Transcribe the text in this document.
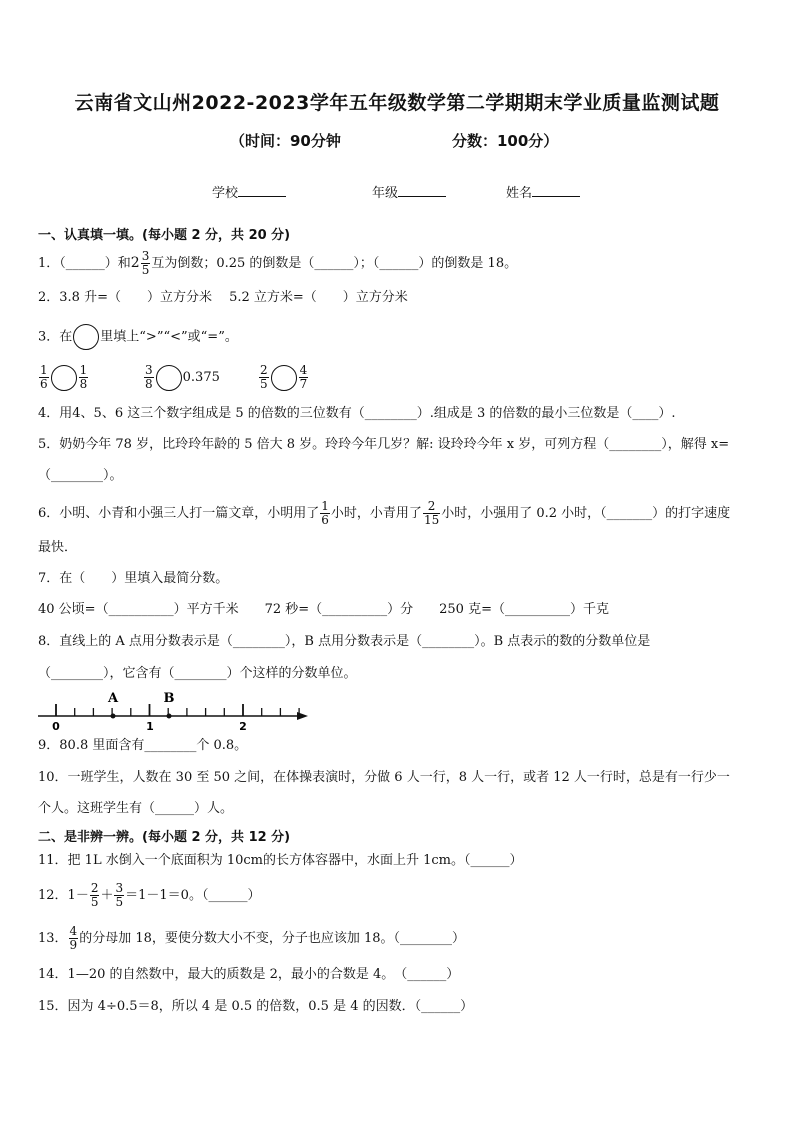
云南省文山州2022-2023学年五年级数学第二学期期末学业质量监测试题
（时间：90分钟	分数：100分）
学校	年级	姓名
一、认真填一填。(每小题 2 分，共 20 分)
1．（______）和$2 \frac{3}{5}$ 互为倒数；0.25 的倒数是（______）；（______）的倒数是 18。
2．3.8 升=（　　）立方分米　 5.2 立方米=（　　）立方分米
3．在 里填上“>”“<”或“=”。
$\frac{1}{6}$	$\frac{1}{8}$	$\frac{3}{8} 0.375$	$\frac{2}{5}$	$\frac{4}{7}$
4．用4、5、6 这三个数字组成是 5 的倍数的三位数有（________）.组成是 3 的倍数的最小三位数是（____）.
5．奶奶今年 78 岁，比玲玲年龄的 5 倍大 8 岁。玲玲今年几岁？解: 设玲玲今年 x 岁，可列方程（________），解得 x=
（________）。
6．小明、小青和小强三人打一篇文章，小明用了 $\frac{1}{6}$ 小时，小青用了 $\frac{2}{15}$ 小时，小强用了 0.2 小时，（_______）的打字速度
最快．
7．在（　　）里填入最简分数。
40 公顷=（__________）平方千米　　72 秒=（__________）分　　250 克=（__________）千克
8．直线上的 A 点用分数表示是（________），B 点用分数表示是（________）。B 点表示的数的分数单位是
（________），它含有（________）个这样的分数单位。
A	B
0	1	2
9．80.8 里面含有________个 0.8。
10．一班学生，人数在 30 至 50 之间，在体操表演时，分做 6 人一行，8 人一行，或者 12 人一行时，总是有一行少一
个人。这班学生有（______）人。
二、是非辨一辨。(每小题 2 分，共 12 分)
11．把 1L 水倒入一个底面积为 10cm的长方体容器中，水面上升 1cm。（______）
12．$1- \frac{2}{5} + \frac{3}{5} =1-1=0$。（______）
13． $\frac{4}{9}$ 的分母加 18，要使分数大小不变，分子也应该加 18。（________）
14．1—20 的自然数中，最大的质数是 2，最小的合数是 4。　（______）
15．因为 4÷0.5＝8，所以 4 是 0.5 的倍数，0.5 是 4 的因数．（______）
